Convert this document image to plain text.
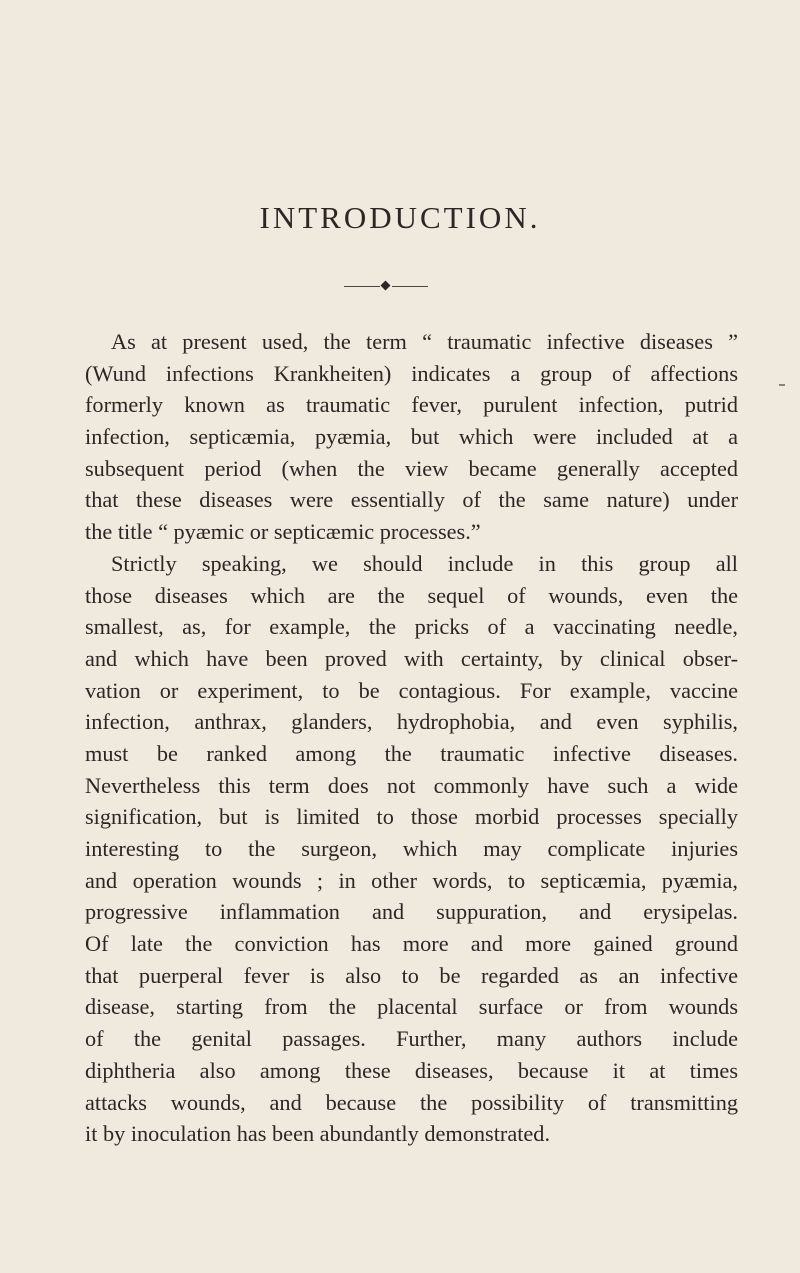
INTRODUCTION.
As at present used, the term “ traumatic infective diseases ”
(Wund infections Krankheiten) indicates a group of affections
formerly known as traumatic fever, purulent infection, putrid
infection, septicæmia, pyæmia, but which were included at a
subsequent period (when the view became generally accepted
that these diseases were essentially of the same nature) under
the title “ pyæmic or septicæmic processes.”
Strictly speaking, we should include in this group all
those diseases which are the sequel of wounds, even the
smallest, as, for example, the pricks of a vaccinating needle,
and which have been proved with certainty, by clinical obser-
vation or experiment, to be contagious. For example, vaccine
infection, anthrax, glanders, hydrophobia, and even syphilis,
must be ranked among the traumatic infective diseases.
Nevertheless this term does not commonly have such a wide
signification, but is limited to those morbid processes specially
interesting to the surgeon, which may complicate injuries
and operation wounds ; in other words, to septicæmia, pyæmia,
progressive inflammation and suppuration, and erysipelas.
Of late the conviction has more and more gained ground
that puerperal fever is also to be regarded as an infective
disease, starting from the placental surface or from wounds
of the genital passages. Further, many authors include
diphtheria also among these diseases, because it at times
attacks wounds, and because the possibility of transmitting
it by inoculation has been abundantly demonstrated.
